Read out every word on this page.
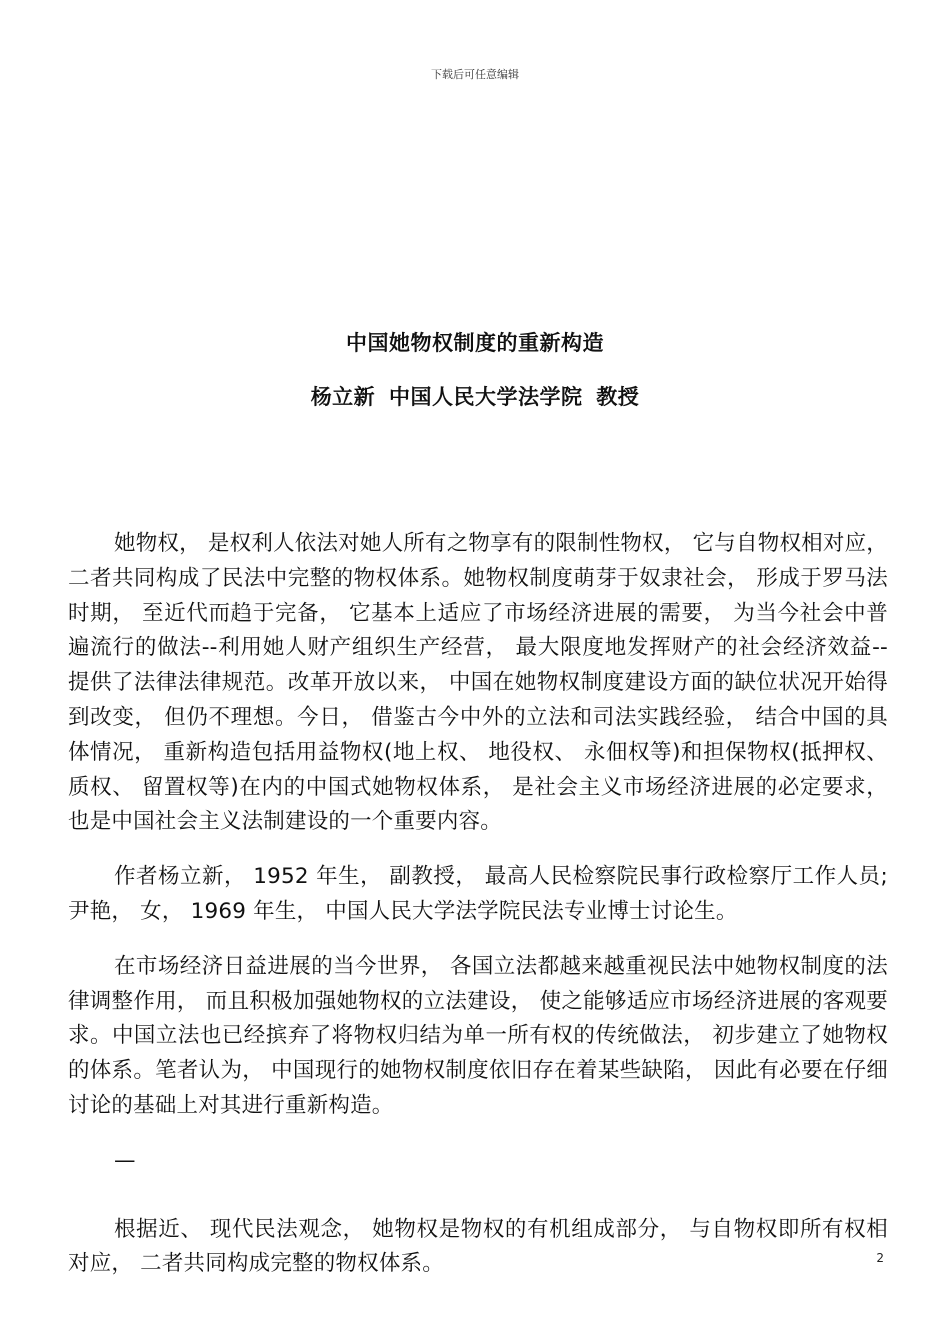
下载后可任意编辑
中国她物权制度的重新构造
杨立新 中国人民大学法学院 教授

她物权， 是权利人依法对她人所有之物享有的限制性物权， 它与自物权相对应， 二者共同构成了民法中完整的物权体系。她物权制度萌芽于奴隶社会， 形成于罗马法时期， 至近代而趋于完备， 它基本上适应了市场经济进展的需要， 为当今社会中普遍流行的做法--利用她人财产组织生产经营， 最大限度地发挥财产的社会经济效益--提供了法律法律规范。改革开放以来， 中国在她物权制度建设方面的缺位状况开始得到改变， 但仍不理想。今日， 借鉴古今中外的立法和司法实践经验， 结合中国的具体情况， 重新构造包括用益物权(地上权、 地役权、 永佃权等)和担保物权(抵押权、 质权、 留置权等)在内的中国式她物权体系， 是社会主义市场经济进展的必定要求， 也是中国社会主义法制建设的一个重要内容。

作者杨立新， 1952 年生， 副教授， 最高人民检察院民事行政检察厅工作人员;尹艳， 女， 1969 年生， 中国人民大学法学院民法专业博士讨论生。

在市场经济日益进展的当今世界， 各国立法都越来越重视民法中她物权制度的法律调整作用， 而且积极加强她物权的立法建设， 使之能够适应市场经济进展的客观要求。中国立法也已经摈弃了将物权归结为单一所有权的传统做法， 初步建立了她物权的体系。笔者认为， 中国现行的她物权制度依旧存在着某些缺陷， 因此有必要在仔细讨论的基础上对其进行重新构造。

—

根据近、 现代民法观念， 她物权是物权的有机组成部分， 与自物权即所有权相对应， 二者共同构成完整的物权体系。	2
